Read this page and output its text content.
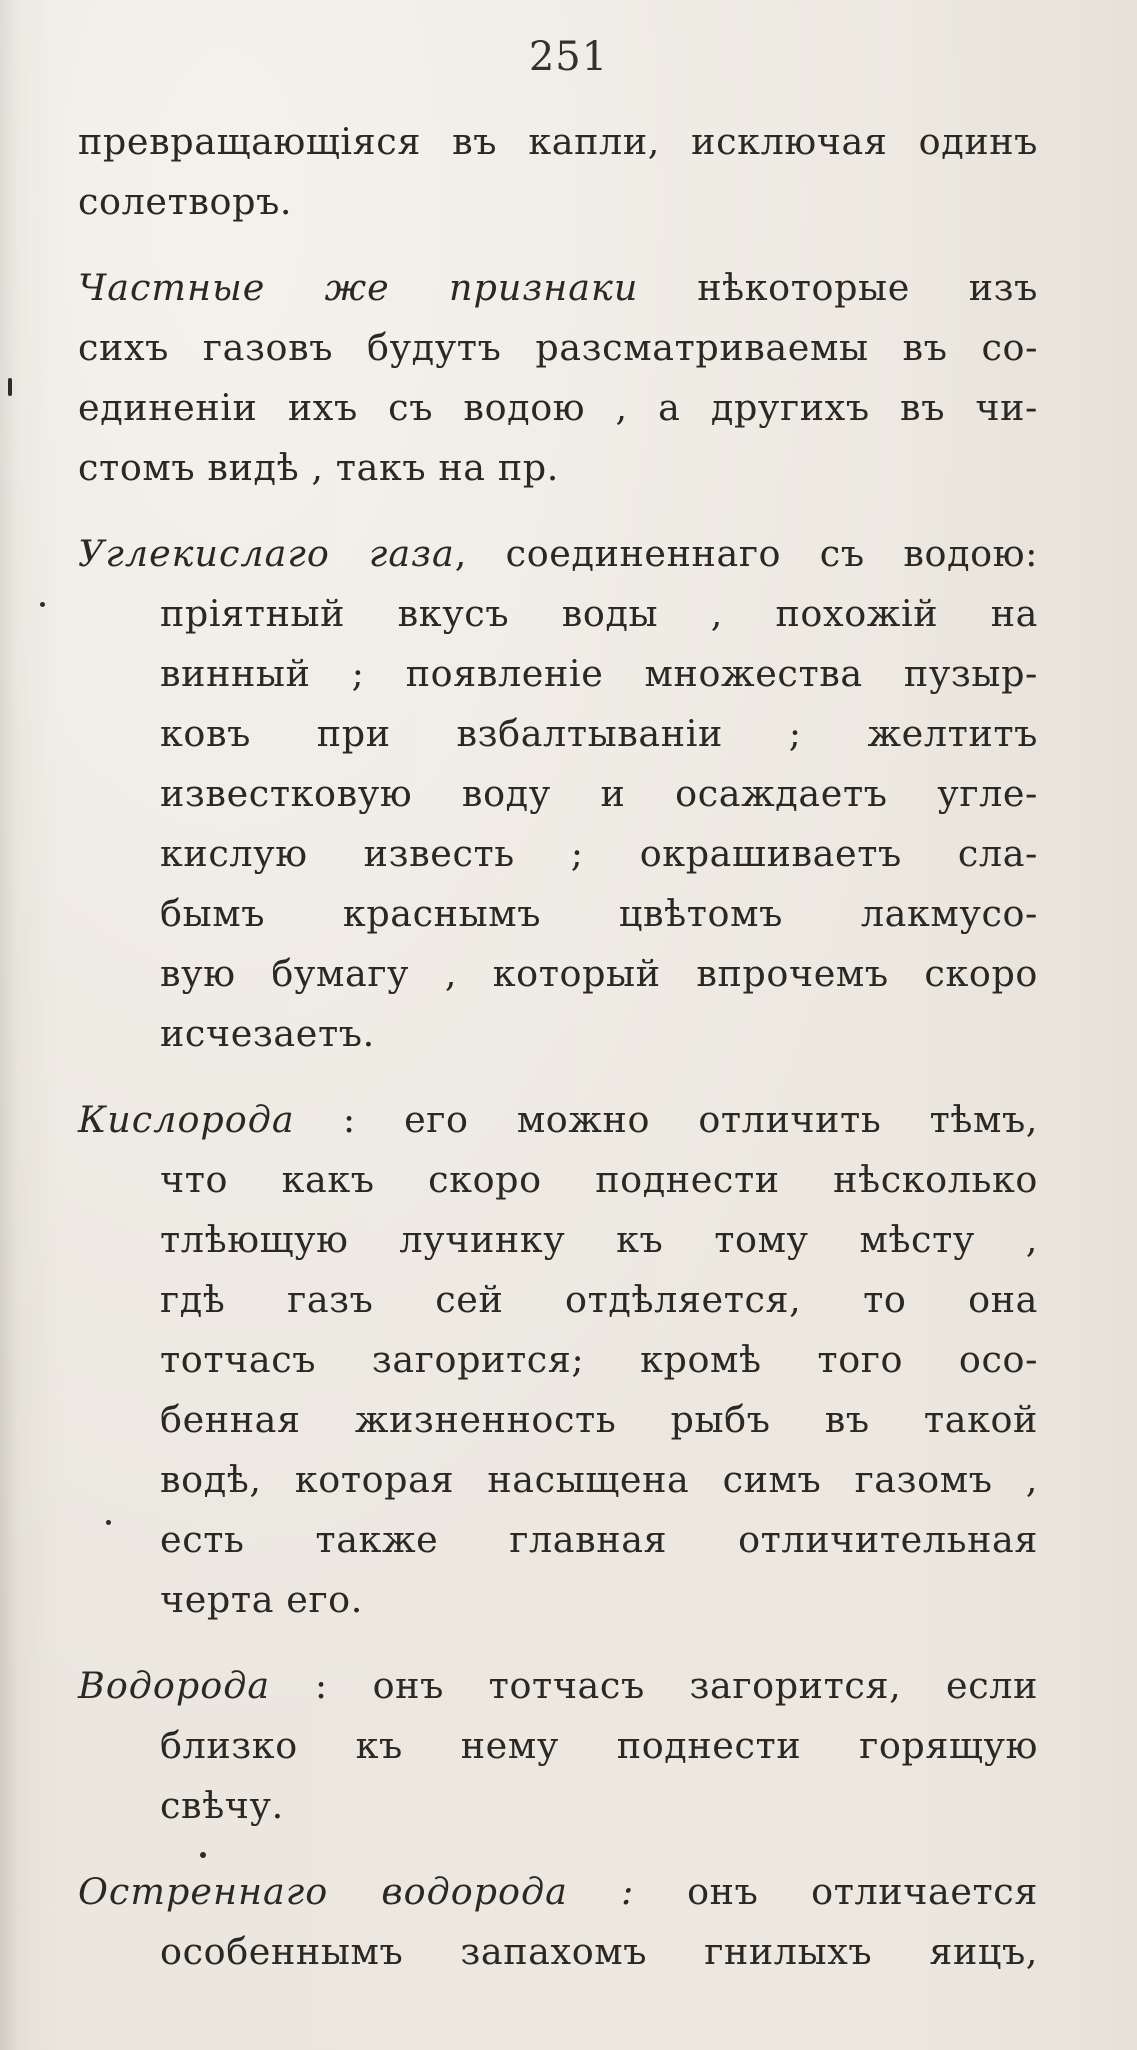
251
превращающіяся въ капли, исключая одинъ
солетворъ.
Частные же признаки нѣкоторые изъ
сихъ газовъ будутъ разсматриваемы въ со-
единеніи ихъ съ водою , а другихъ въ чи-
стомъ видѣ , такъ на пр.
Углекислаго газа, соединеннаго съ водою:
пріятный вкусъ воды , похожій на
винный ; появленіе множества пузыр-
ковъ при взбалтываніи ; желтитъ
известковую воду и осаждаетъ угле-
кислую известь ; окрашиваетъ сла-
бымъ краснымъ цвѣтомъ лакмусо-
вую бумагу , который впрочемъ скоро
исчезаетъ.
Кислорода : его можно отличить тѣмъ,
что какъ скоро поднести нѣсколько
тлѣющую лучинку къ тому мѣсту ,
гдѣ газъ сей отдѣляется, то она
тотчасъ загорится; кромѣ того осо-
бенная жизненность рыбъ въ такой
водѣ, которая насыщена симъ газомъ ,
есть также главная отличительная
черта его.
Водорода : онъ тотчасъ загорится, если
близко къ нему поднести горящую
свѣчу.
Остреннаго водорода : онъ отличается
особеннымъ запахомъ гнилыхъ яицъ,
